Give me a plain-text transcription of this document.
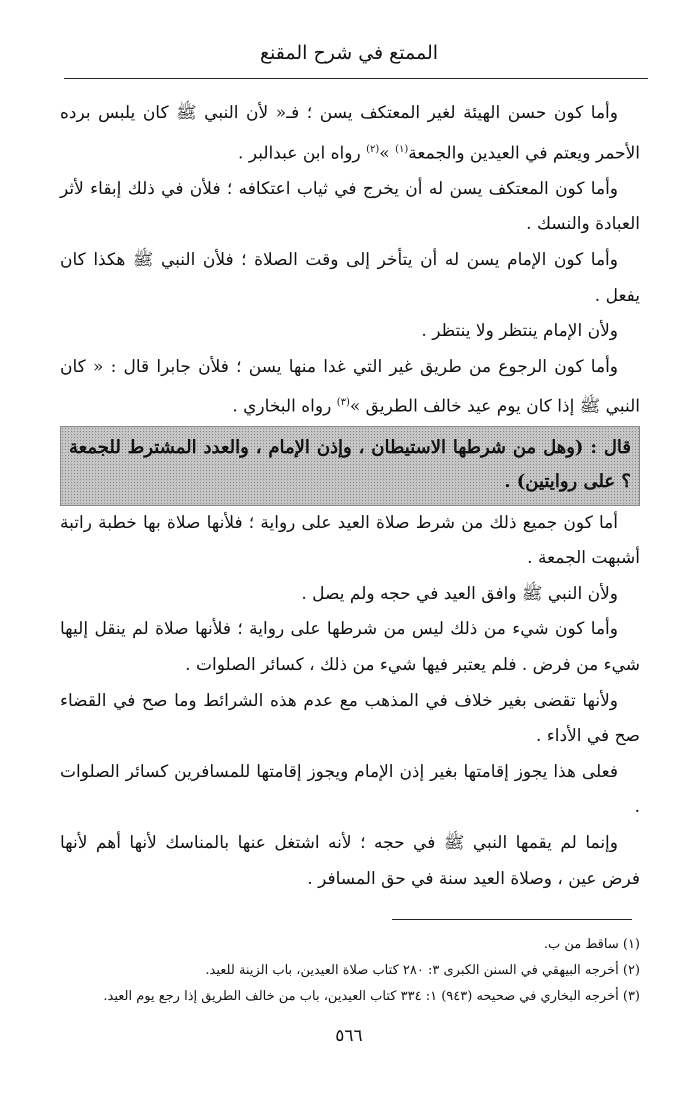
الممتع في شرح المقنع

وأما كون حسن الهيئة لغير المعتكف يسن ؛ فـ« لأن النبي ﷺ كان يلبس برده الأحمر ويعتم في العيدين والجمعة$^{(١)}$ »$^{(٢)}$ رواه ابن عبدالبر .

وأما كون المعتكف يسن له أن يخرج في ثياب اعتكافه ؛ فلأن في ذلك إبقاء لأثر العبادة والنسك .

وأما كون الإمام يسن له أن يتأخر إلى وقت الصلاة ؛ فلأن النبي ﷺ هكذا كان يفعل .

ولأن الإمام ينتظر ولا ينتظر .

وأما كون الرجوع من طريق غير التي غدا منها يسن ؛ فلأن جابرا قال : « كان النبي ﷺ إذا كان يوم عيد خالف الطريق »$^{(٣)}$ رواه البخاري .

قال : (وهل من شرطها الاستيطان ، وإذن الإمام ، والعدد المشترط للجمعة ؟ على روايتين) .

أما كون جميع ذلك من شرط صلاة العيد على رواية ؛ فلأنها صلاة بها خطبة راتبة أشبهت الجمعة .

ولأن النبي ﷺ وافق العيد في حجه ولم يصل .

وأما كون شيء من ذلك ليس من شرطها على رواية ؛ فلأنها صلاة لم ينقل إليها شيء من فرض . فلم يعتبر فيها شيء من ذلك ، كسائر الصلوات .

ولأنها تقضى بغير خلاف في المذهب مع عدم هذه الشرائط وما صح في القضاء صح في الأداء .

فعلى هذا يجوز إقامتها بغير إذن الإمام ويجوز إقامتها للمسافرين كسائر الصلوات .

وإنما لم يقمها النبي ﷺ في حجه ؛ لأنه اشتغل عنها بالمناسك لأنها أهم لأنها فرض عين ، وصلاة العيد سنة في حق المسافر .

(١) ساقط من ب.
(٢) أخرجه البيهقي في السنن الكبرى ٣: ٢٨٠ كتاب صلاة العيدين، باب الزينة للعيد.
(٣) أخرجه البخاري في صحيحه (٩٤٣) ١: ٣٣٤ كتاب العيدين، باب من خالف الطريق إذا رجع يوم العيد.
٥٦٦
